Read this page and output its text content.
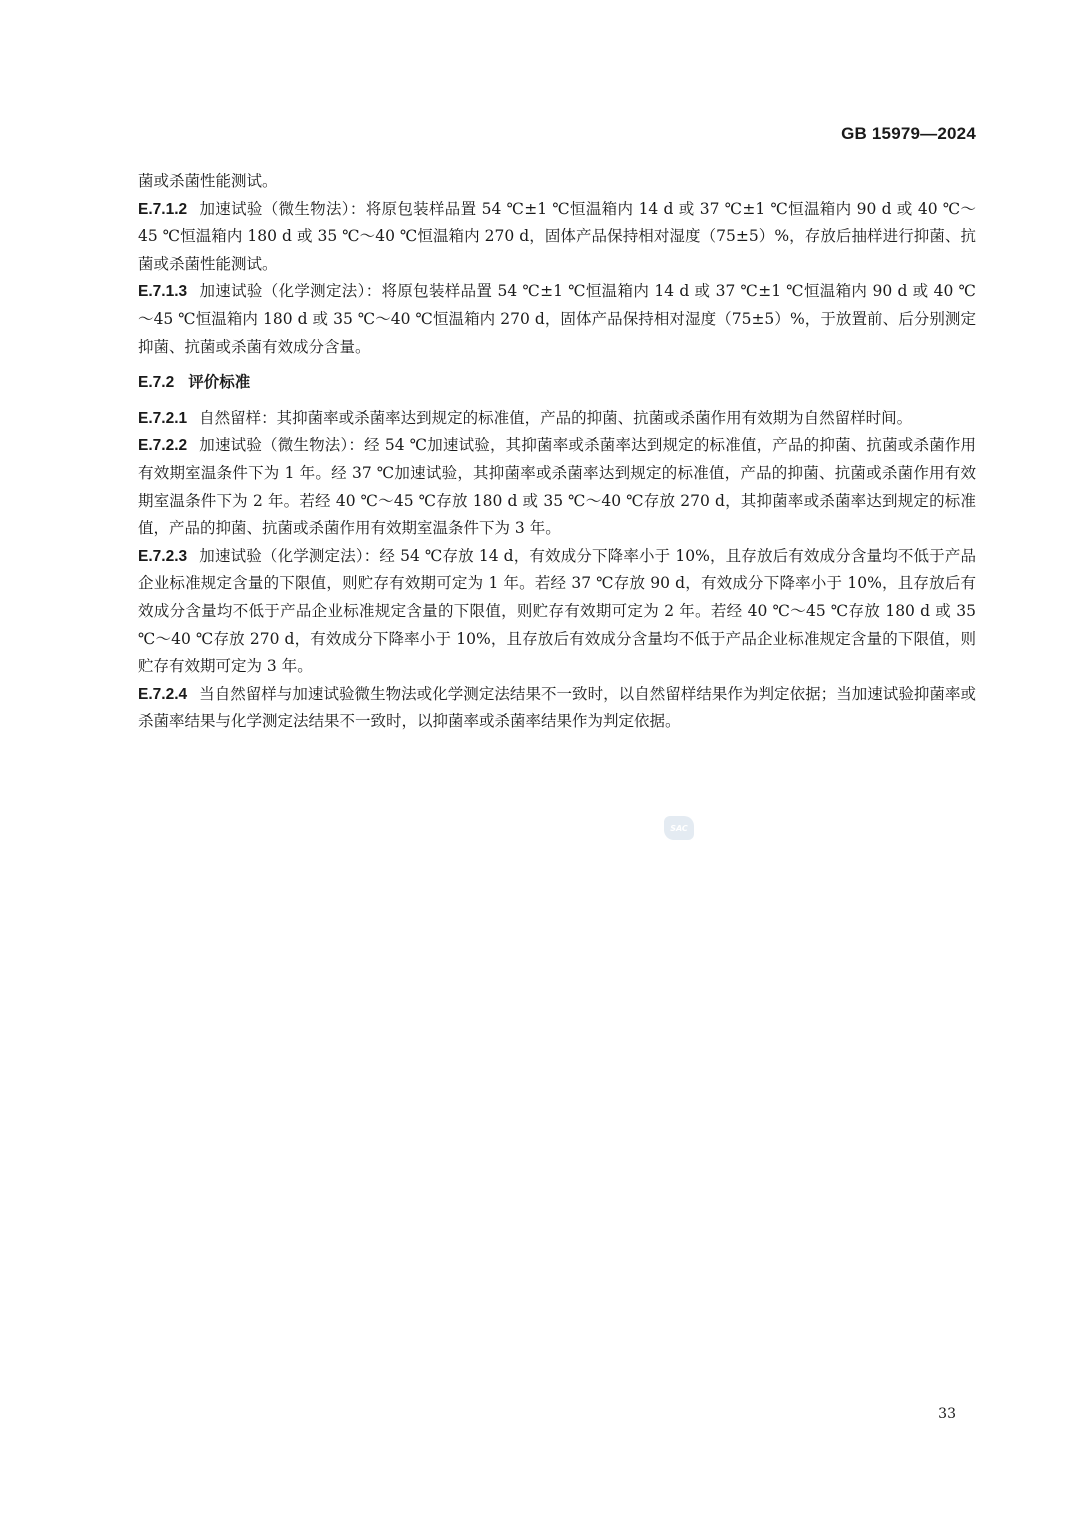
GB 15979—2024

菌或杀菌性能测试。

E.7.1.2 加速试验（微生物法）：将原包装样品置 54 ℃±1 ℃恒温箱内 14 d 或 37 ℃±1 ℃恒温箱内 90 d 或 40 ℃～45 ℃恒温箱内 180 d 或 35 ℃～40 ℃恒温箱内 270 d，固体产品保持相对湿度（75±5）%，存放后抽样进行抑菌、抗菌或杀菌性能测试。

E.7.1.3 加速试验（化学测定法）：将原包装样品置 54 ℃±1 ℃恒温箱内 14 d 或 37 ℃±1 ℃恒温箱内 90 d 或 40 ℃～45 ℃恒温箱内 180 d 或 35 ℃～40 ℃恒温箱内 270 d，固体产品保持相对湿度（75±5）%，于放置前、后分别测定抑菌、抗菌或杀菌有效成分含量。

E.7.2 评价标准

E.7.2.1 自然留样：其抑菌率或杀菌率达到规定的标准值，产品的抑菌、抗菌或杀菌作用有效期为自然留样时间。

E.7.2.2 加速试验（微生物法）：经 54 ℃加速试验，其抑菌率或杀菌率达到规定的标准值，产品的抑菌、抗菌或杀菌作用有效期室温条件下为 1 年。经 37 ℃加速试验，其抑菌率或杀菌率达到规定的标准值，产品的抑菌、抗菌或杀菌作用有效期室温条件下为 2 年。若经 40 ℃～45 ℃存放 180 d 或 35 ℃～40 ℃存放 270 d，其抑菌率或杀菌率达到规定的标准值，产品的抑菌、抗菌或杀菌作用有效期室温条件下为 3 年。

E.7.2.3 加速试验（化学测定法）：经 54 ℃存放 14 d，有效成分下降率小于 10%，且存放后有效成分含量均不低于产品企业标准规定含量的下限值，则贮存有效期可定为 1 年。若经 37 ℃存放 90 d，有效成分下降率小于 10%，且存放后有效成分含量均不低于产品企业标准规定含量的下限值，则贮存有效期可定为 2 年。若经 40 ℃～45 ℃存放 180 d 或 35 ℃～40 ℃存放 270 d，有效成分下降率小于 10%，且存放后有效成分含量均不低于产品企业标准规定含量的下限值，则贮存有效期可定为 3 年。

E.7.2.4 当自然留样与加速试验微生物法或化学测定法结果不一致时，以自然留样结果作为判定依据；当加速试验抑菌率或杀菌率结果与化学测定法结果不一致时，以抑菌率或杀菌率结果作为判定依据。

SAC
33
